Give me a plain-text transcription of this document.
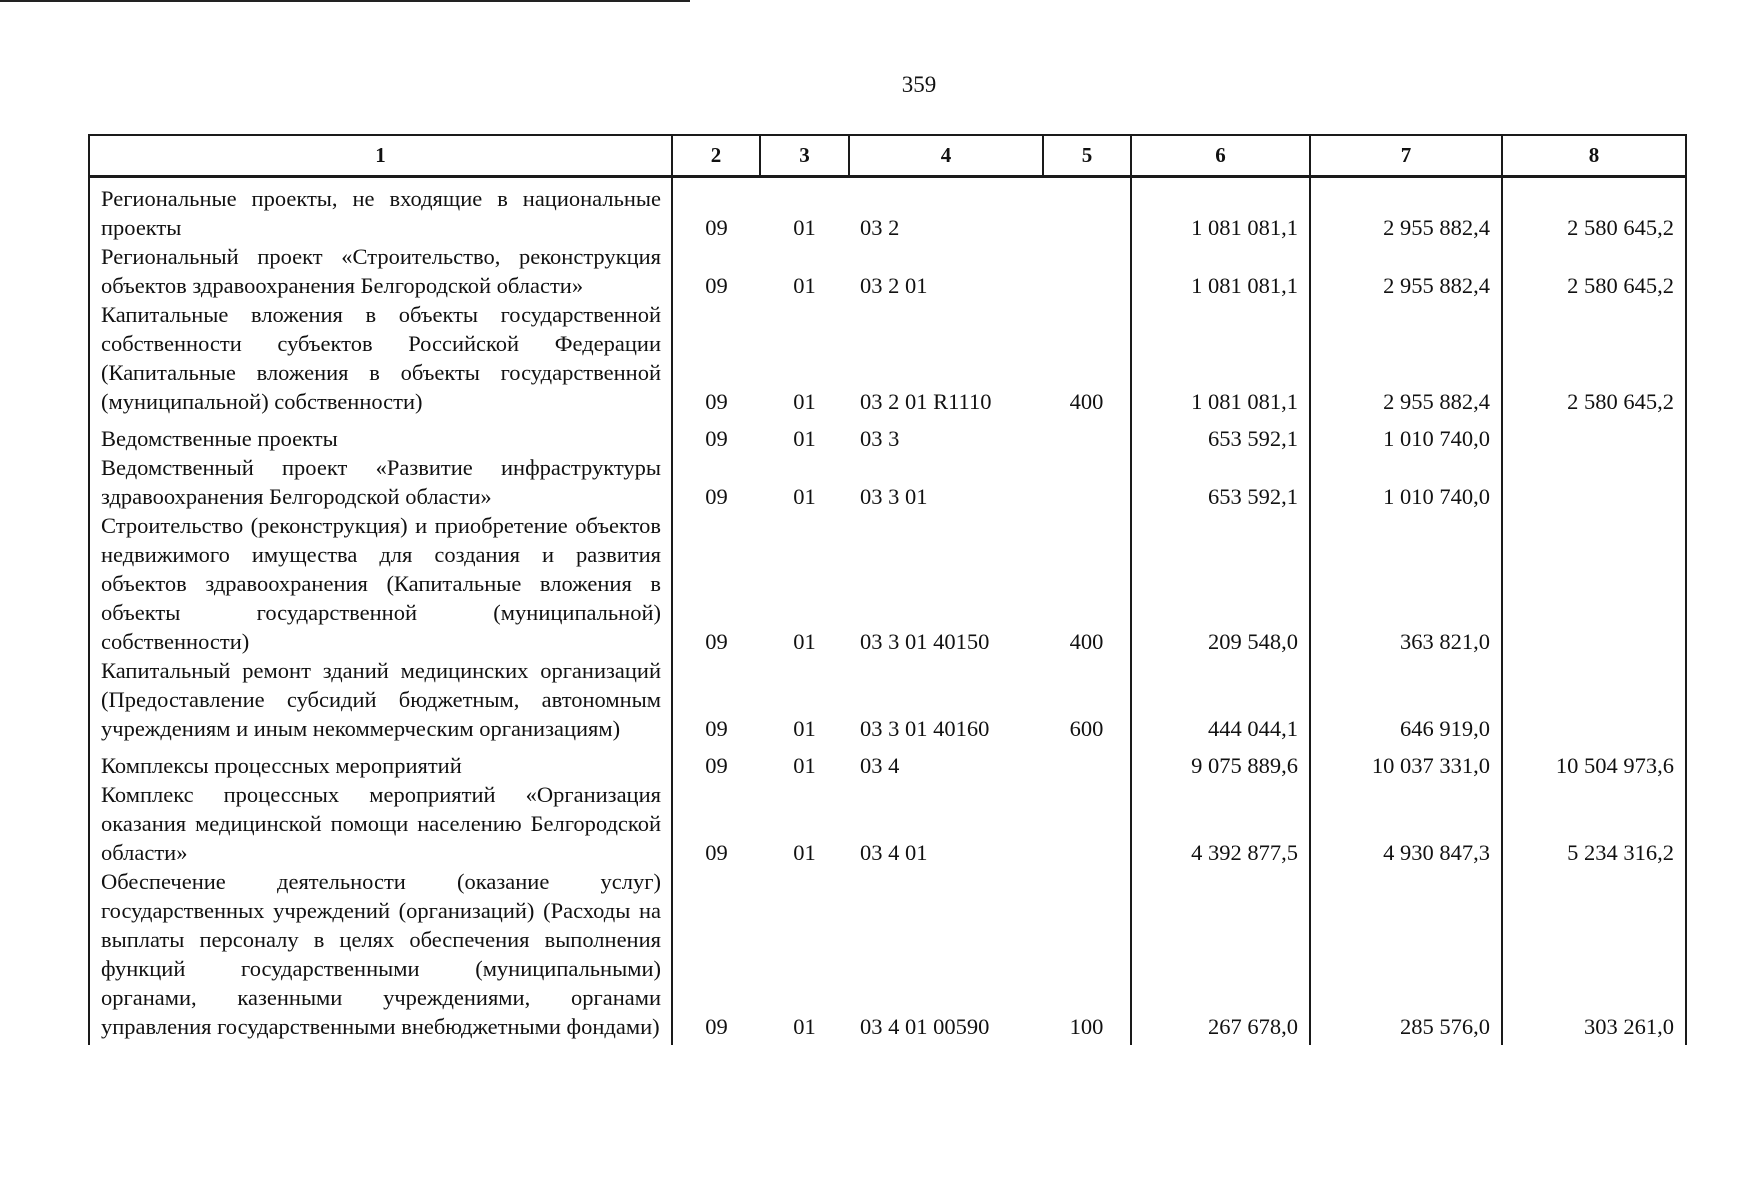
359
1	2	3	4	5	6	7	8
Региональные проекты, не входящие в национальные проекты	09	01	03 2		1 081 081,1	2 955 882,4	2 580 645,2
Региональный проект «Строительство, реконструкция объектов здравоохранения Белгородской области»	09	01	03 2 01		1 081 081,1	2 955 882,4	2 580 645,2
Капитальные вложения в объекты государственной собственности субъектов Российской Федерации (Капитальные вложения в объекты государственной (муниципальной) собственности)	09	01	03 2 01 R1110	400	1 081 081,1	2 955 882,4	2 580 645,2

Ведомственные проекты	09	01	03 3		653 592,1	1 010 740,0	
Ведомственный проект «Развитие инфраструктуры здравоохранения Белгородской области»	09	01	03 3 01		653 592,1	1 010 740,0	
Строительство (реконструкция) и приобретение объектов недвижимого имущества для создания и развития объектов здравоохранения (Капитальные вложения в объекты государственной (муниципальной) собственности)	09	01	03 3 01 40150	400	209 548,0	363 821,0	
Капитальный ремонт зданий медицинских организаций (Предоставление субсидий бюджетным, автономным учреждениям и иным некоммерческим организациям)	09	01	03 3 01 40160	600	444 044,1	646 919,0	

Комплексы процессных мероприятий	09	01	03 4		9 075 889,6	10 037 331,0	10 504 973,6
Комплекс процессных мероприятий «Организация оказания медицинской помощи населению Белгородской области»	09	01	03 4 01		4 392 877,5	4 930 847,3	5 234 316,2
Обеспечение деятельности (оказание услуг) государственных учреждений (организаций) (Расходы на выплаты персоналу в целях обеспечения выполнения функций государственными (муниципальными) органами, казенными учреждениями, органами управления государственными внебюджетными фондами)	09	01	03 4 01 00590	100	267 678,0	285 576,0	303 261,0
